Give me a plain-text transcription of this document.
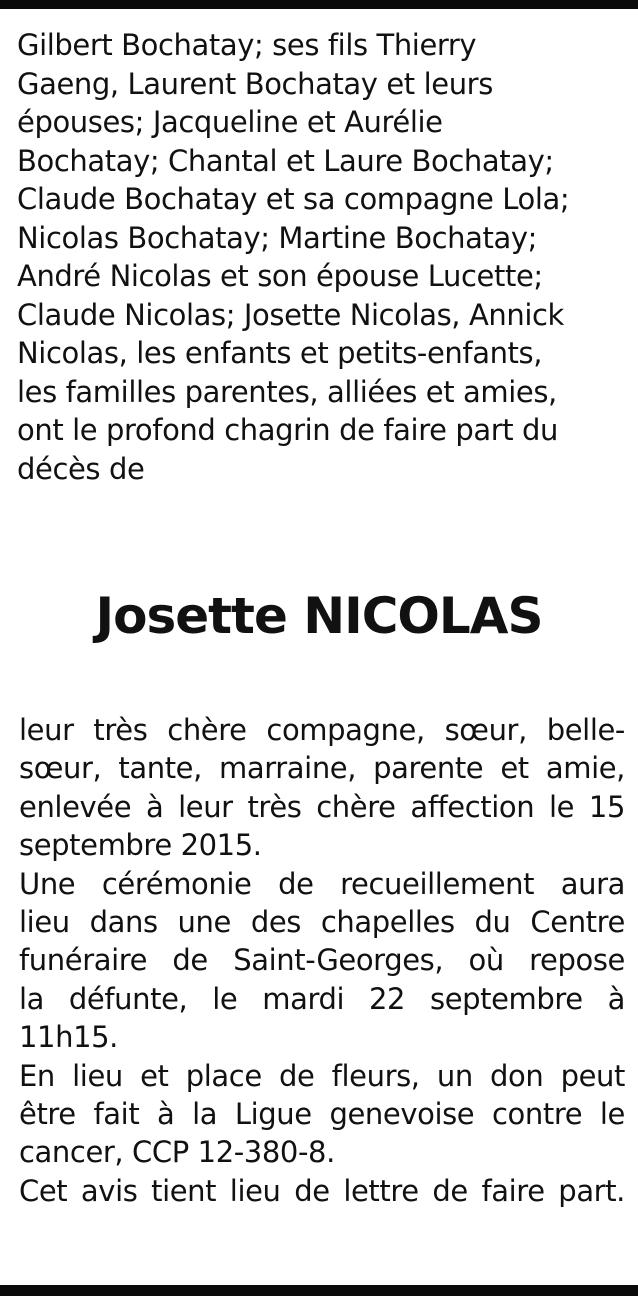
Gilbert Bochatay; ses fils Thierry
Gaeng, Laurent Bochatay et leurs
épouses; Jacqueline et Aurélie
Bochatay; Chantal et Laure Bochatay;
Claude Bochatay et sa compagne Lola;
Nicolas Bochatay; Martine Bochatay;
André Nicolas et son épouse Lucette;
Claude Nicolas; Josette Nicolas, Annick
Nicolas, les enfants et petits-enfants,
les familles parentes, alliées et amies,
ont le profond chagrin de faire part du
décès de
Josette NICOLAS
leur très chère compagne, sœur, belle-
sœur, tante, marraine, parente et amie,
enlevée à leur très chère affection le 15
septembre 2015.
Une cérémonie de recueillement aura
lieu dans une des chapelles du Centre
funéraire de Saint-Georges, où repose
la défunte, le mardi 22 septembre à
11h15.
En lieu et place de fleurs, un don peut
être fait à la Ligue genevoise contre le
cancer, CCP 12-380-8.
Cet avis tient lieu de lettre de faire part.
